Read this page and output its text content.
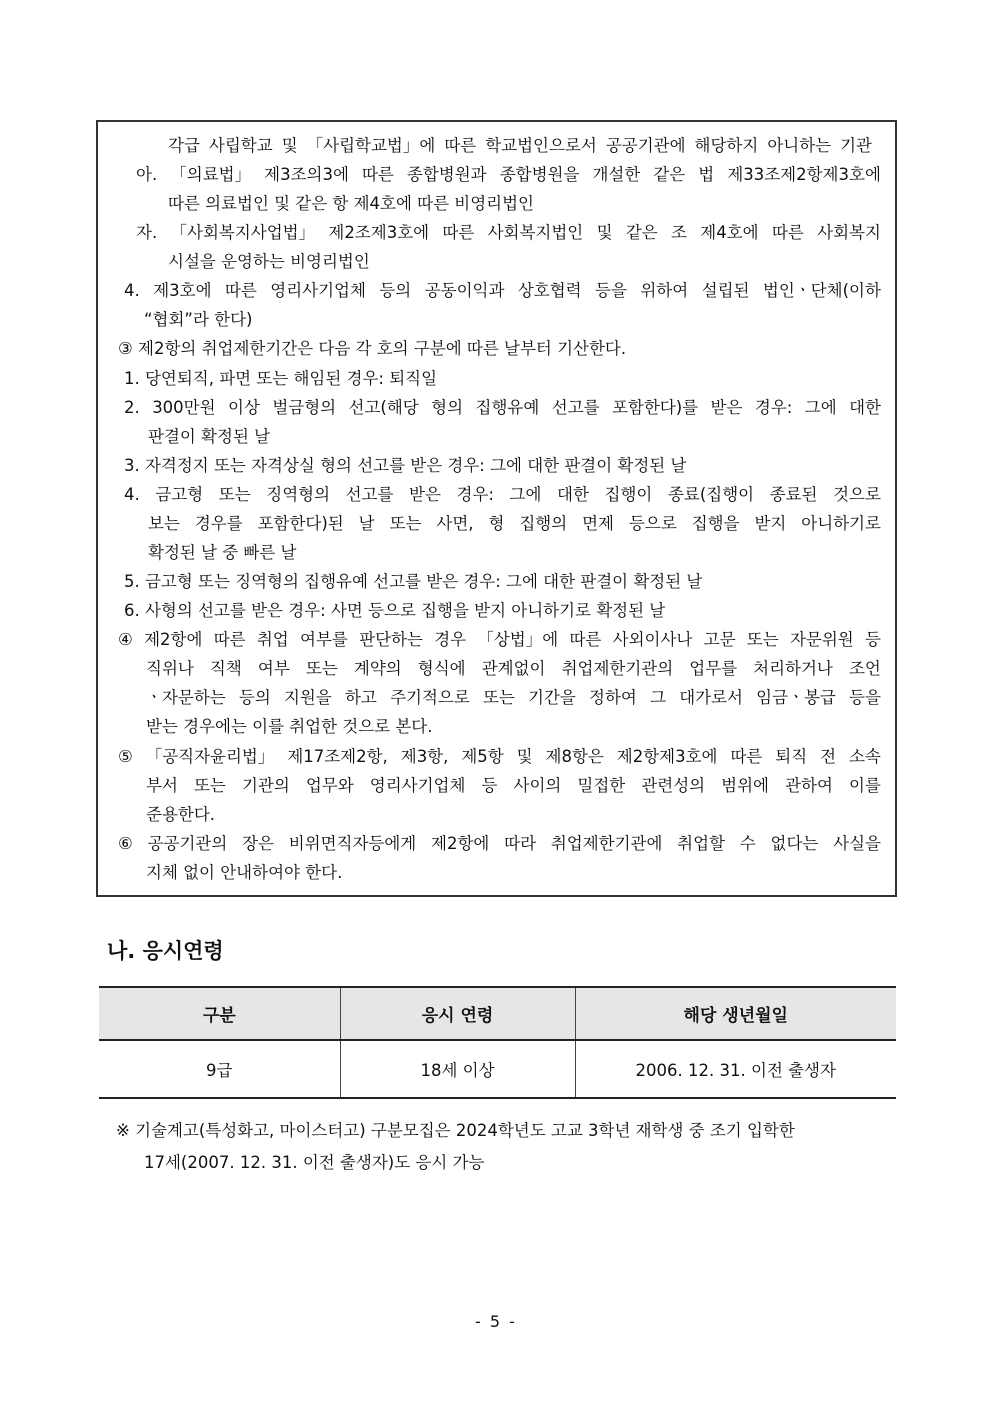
각급 사립학교 및 「사립학교법」에 따른 학교법인으로서 공공기관에 해당하지 아니하는 기관
아. 「의료법」 제3조의3에 따른 종합병원과 종합병원을 개설한 같은 법 제33조제2항제3호에
따른 의료법인 및 같은 항 제4호에 따른 비영리법인
자. 「사회복지사업법」 제2조제3호에 따른 사회복지법인 및 같은 조 제4호에 따른 사회복지
시설을 운영하는 비영리법인
4. 제3호에 따른 영리사기업체 등의 공동이익과 상호협력 등을 위하여 설립된 법인ㆍ단체(이하
“협회”라 한다)
③ 제2항의 취업제한기간은 다음 각 호의 구분에 따른 날부터 기산한다.
1. 당연퇴직, 파면 또는 해임된 경우: 퇴직일
2. 300만원 이상 벌금형의 선고(해당 형의 집행유예 선고를 포함한다)를 받은 경우: 그에 대한
판결이 확정된 날
3. 자격정지 또는 자격상실 형의 선고를 받은 경우: 그에 대한 판결이 확정된 날
4. 금고형 또는 징역형의 선고를 받은 경우: 그에 대한 집행이 종료(집행이 종료된 것으로
보는 경우를 포함한다)된 날 또는 사면, 형 집행의 면제 등으로 집행을 받지 아니하기로
확정된 날 중 빠른 날
5. 금고형 또는 징역형의 집행유예 선고를 받은 경우: 그에 대한 판결이 확정된 날
6. 사형의 선고를 받은 경우: 사면 등으로 집행을 받지 아니하기로 확정된 날
④ 제2항에 따른 취업 여부를 판단하는 경우 「상법」에 따른 사외이사나 고문 또는 자문위원 등
직위나 직책 여부 또는 계약의 형식에 관계없이 취업제한기관의 업무를 처리하거나 조언
ㆍ자문하는 등의 지원을 하고 주기적으로 또는 기간을 정하여 그 대가로서 임금ㆍ봉급 등을
받는 경우에는 이를 취업한 것으로 본다.
⑤ 「공직자윤리법」 제17조제2항, 제3항, 제5항 및 제8항은 제2항제3호에 따른 퇴직 전 소속
부서 또는 기관의 업무와 영리사기업체 등 사이의 밀접한 관련성의 범위에 관하여 이를
준용한다.
⑥ 공공기관의 장은 비위면직자등에게 제2항에 따라 취업제한기관에 취업할 수 없다는 사실을
지체 없이 안내하여야 한다.
나. 응시연령
구분	응시 연령	해당 생년월일
9급	18세 이상	2006. 12. 31. 이전 출생자
※ 기술계고(특성화고, 마이스터고) 구분모집은 2024학년도 고교 3학년 재학생 중 조기 입학한
17세(2007. 12. 31. 이전 출생자)도 응시 가능
- 5 -
